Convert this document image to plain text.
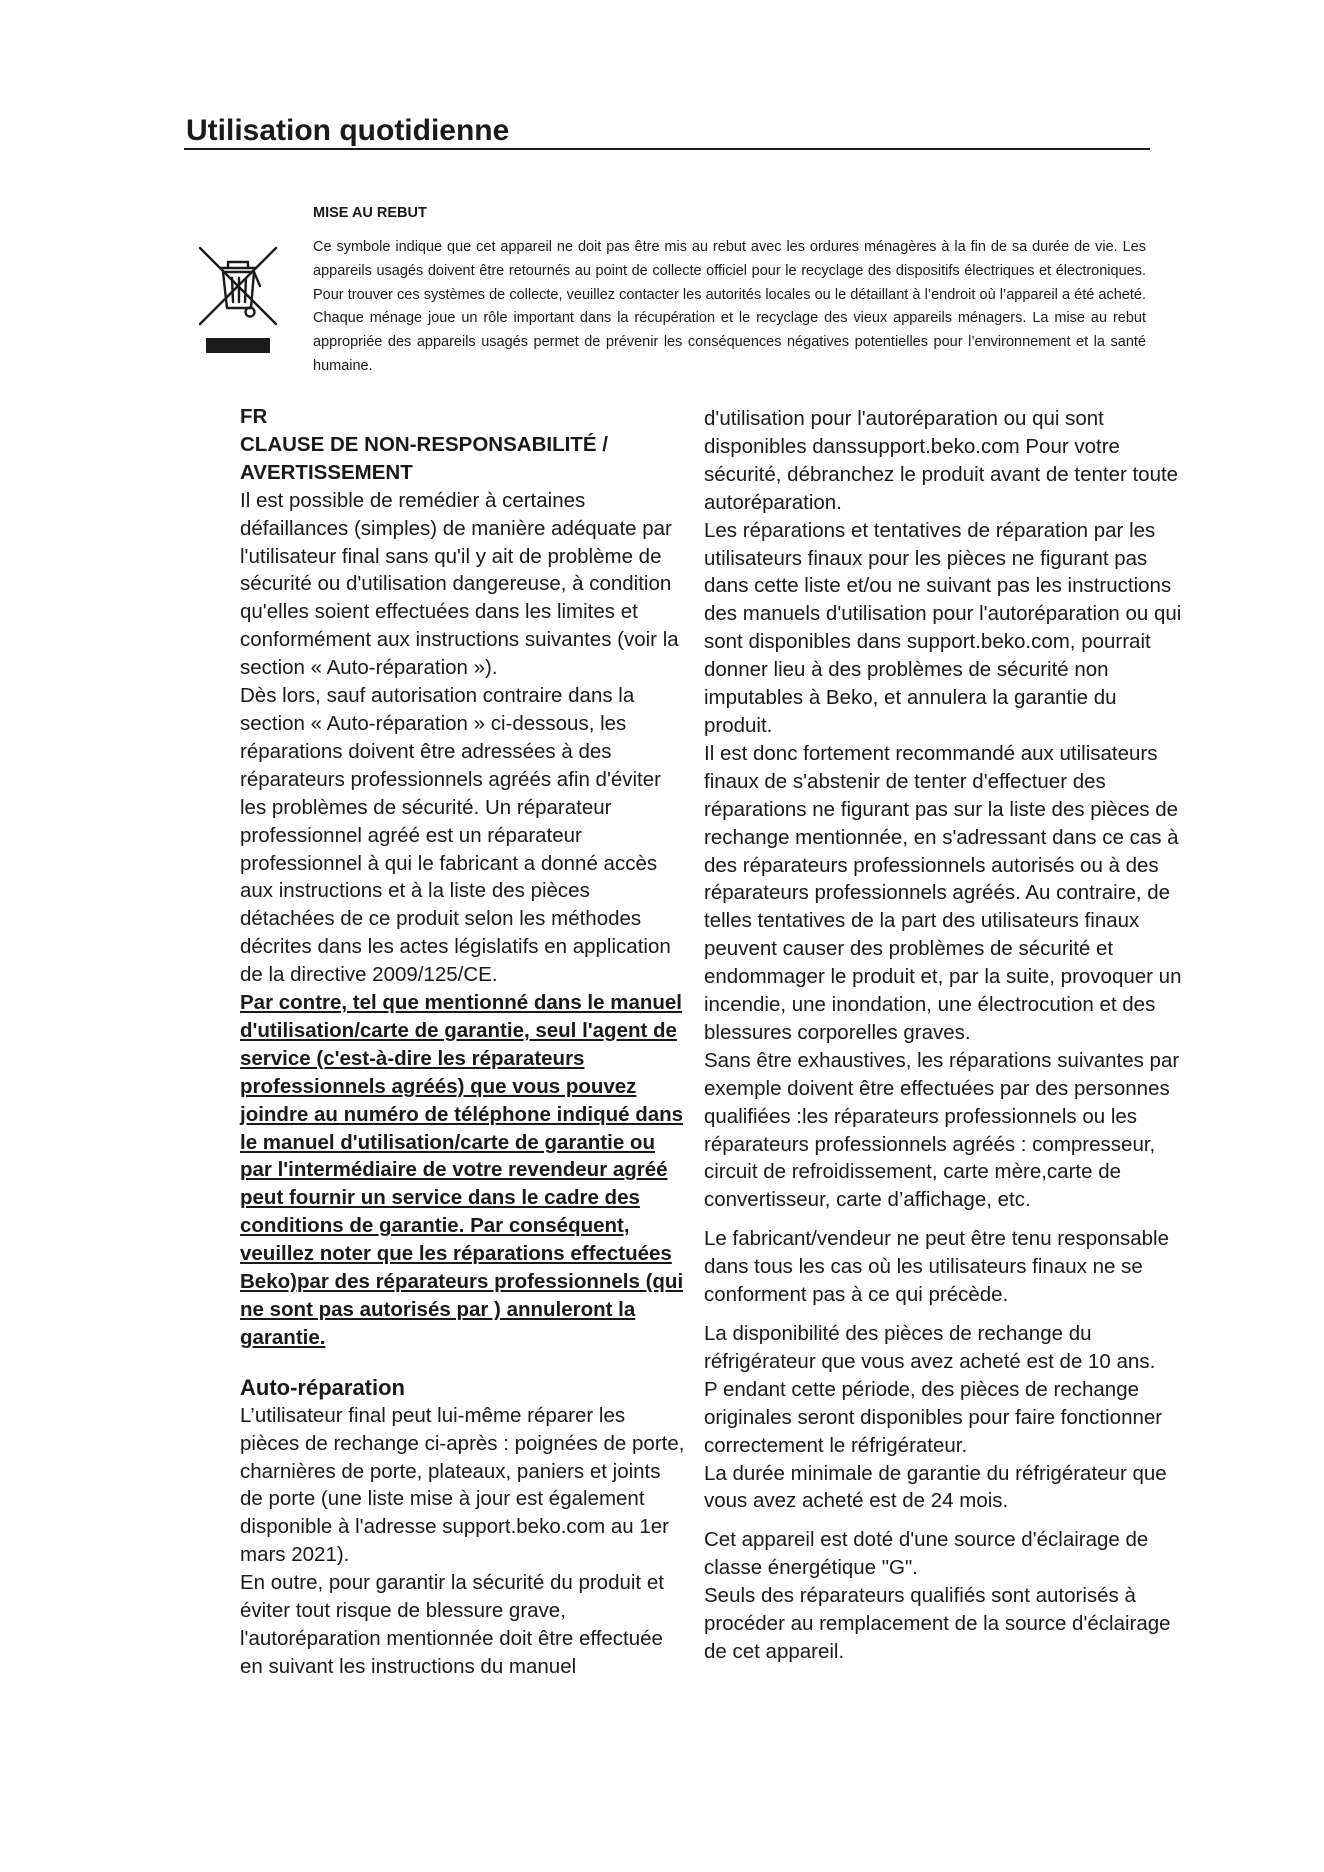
Utilisation quotidienne
MISE AU REBUT
Ce symbole indique que cet appareil ne doit pas être mis au rebut avec les ordures ménagères à la fin de sa durée de vie. Les appareils usagés doivent être retournés au point de collecte officiel pour le recyclage des dispositifs électriques et électroniques. Pour trouver ces systèmes de collecte, veuillez contacter les autorités locales ou le détaillant à l’endroit où l’appareil a été acheté. Chaque ménage joue un rôle important dans la récupération et le recyclage des vieux appareils ménagers. La mise au rebut appropriée des appareils usagés permet de prévenir les conséquences négatives potentielles pour l’environnement et la santé humaine.

FR

CLAUSE DE NON-RESPONSABILITÉ / AVERTISSEMENT

Il est possible de remédier à certaines défaillances (simples) de manière adéquate par l'utilisateur final sans qu'il y ait de problème de sécurité ou d'utilisation dangereuse, à condition qu'elles soient effectuées dans les limites et conformément aux instructions suivantes (voir la section « Auto-réparation »).

Dès lors, sauf autorisation contraire dans la section « Auto-réparation » ci-dessous, les réparations doivent être adressées à des réparateurs professionnels agréés afin d'éviter les problèmes de sécurité. Un réparateur professionnel agréé est un réparateur professionnel à qui le fabricant a donné accès aux instructions et à la liste des pièces détachées de ce produit selon les méthodes décrites dans les actes législatifs en application de la directive 2009/125/CE.

Par contre, tel que mentionné dans le manuel d'utilisation/carte de garantie, seul l'agent de service (c'est-à-dire les réparateurs professionnels agréés) que vous pouvez joindre au numéro de téléphone indiqué dans le manuel d'utilisation/carte de garantie ou par l'intermédiaire de votre revendeur agréé peut fournir un service dans le cadre des conditions de garantie. Par conséquent, veuillez noter que les réparations effectuées Beko)par des réparateurs professionnels (qui ne sont pas autorisés par ) annuleront la garantie.

Auto-réparation

L’utilisateur final peut lui-même réparer les pièces de rechange ci-après : poignées de porte,

charnières de porte, plateaux, paniers et joints de porte (une liste mise à jour est également disponible à l'adresse support.beko.com au 1er mars 2021).

En outre, pour garantir la sécurité du produit et éviter tout risque de blessure grave, l'autoréparation mentionnée doit être effectuée en suivant les instructions du manuel

d'utilisation pour l'autoréparation ou qui sont disponibles danssupport.beko.com Pour votre sécurité, débranchez le produit avant de tenter toute autoréparation.

Les réparations et tentatives de réparation par les utilisateurs finaux pour les pièces ne figurant pas dans cette liste et/ou ne suivant pas les instructions des manuels d'utilisation pour l'autoréparation ou qui sont disponibles dans support.beko.com, pourrait donner lieu à des problèmes de sécurité non imputables à Beko, et annulera la garantie du produit.

Il est donc fortement recommandé aux utilisateurs finaux de s'abstenir de tenter d'effectuer des réparations ne figurant pas sur la liste des pièces de rechange mentionnée, en s'adressant dans ce cas à des réparateurs professionnels autorisés ou à des réparateurs professionnels agréés. Au contraire, de telles tentatives de la part des utilisateurs finaux peuvent causer des problèmes de sécurité et endommager le produit et, par la suite, provoquer un incendie, une inondation, une électrocution et des blessures corporelles graves.

Sans être exhaustives, les réparations suivantes par exemple doivent être effectuées par des personnes qualifiées :les réparateurs professionnels ou les réparateurs professionnels agréés : compresseur, circuit de refroidissement, carte mère,carte de convertisseur, carte d’affichage, etc.

Le fabricant/vendeur ne peut être tenu responsable dans tous les cas où les utilisateurs finaux ne se conforment pas à ce qui précède.

La disponibilité des pièces de rechange du réfrigérateur que vous avez acheté est de 10 ans.

P endant cette période, des pièces de rechange originales seront disponibles pour faire fonctionner correctement le réfrigérateur.

La durée minimale de garantie du réfrigérateur que vous avez acheté est de 24 mois.

Cet appareil est doté d'une source d'éclairage de classe énergétique "G".

Seuls des réparateurs qualifiés sont autorisés à procéder au remplacement de la source d'éclairage de cet appareil.
